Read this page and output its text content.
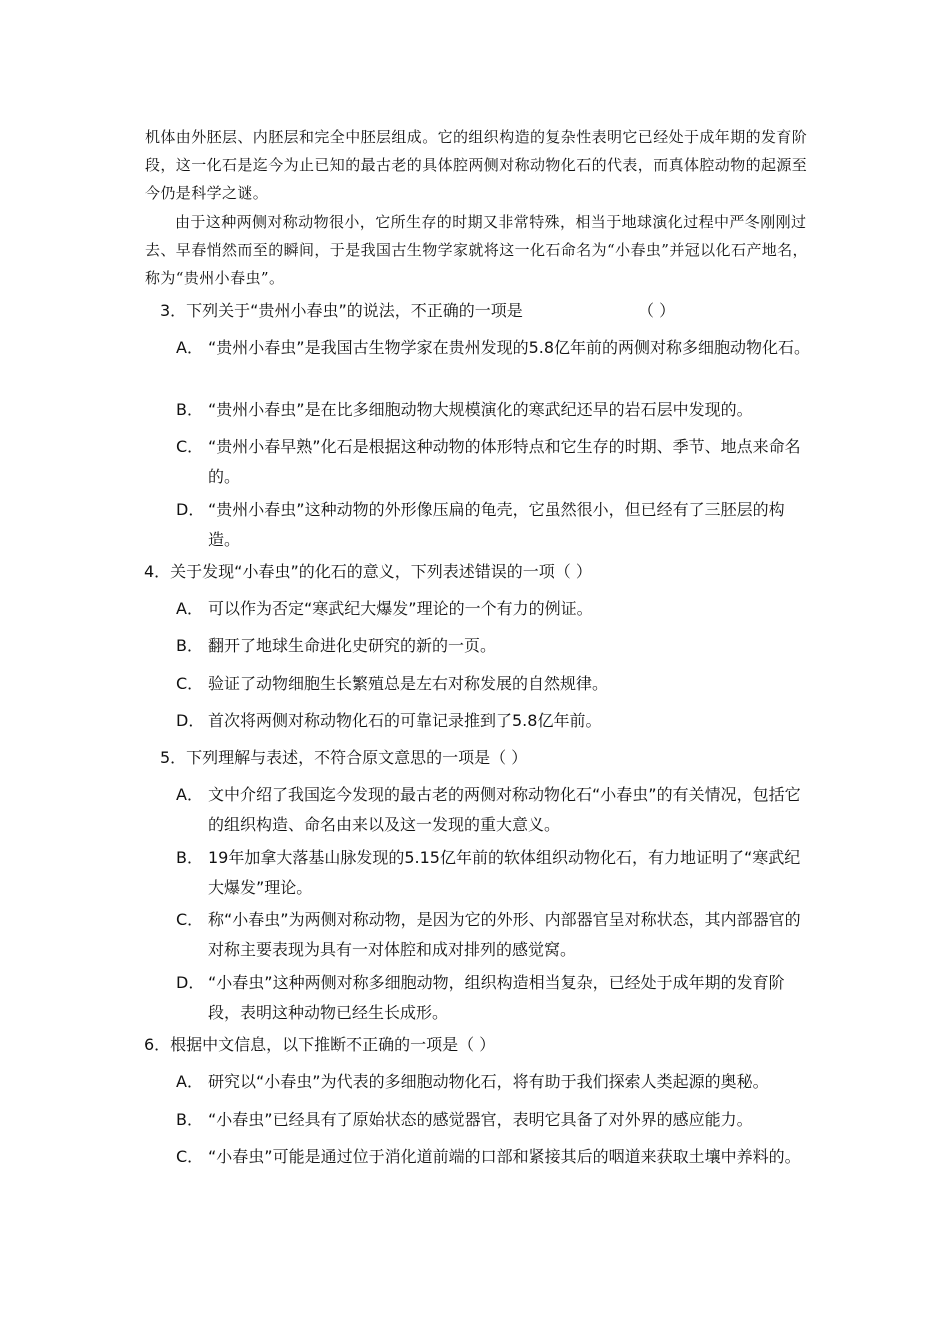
机体由外胚层、内胚层和完全中胚层组成。它的组织构造的复杂性表明它已经处于成年期的发育阶段，这一化石是迄今为止已知的最古老的具体腔两侧对称动物化石的代表，而真体腔动物的起源至今仍是科学之谜。

由于这种两侧对称动物很小，它所生存的时期又非常特殊，相当于地球演化过程中严冬刚刚过去、早春悄然而至的瞬间，于是我国古生物学家就将这一化石命名为“小春虫”并冠以化石产地名，称为“贵州小春虫”。

3．下列关于“贵州小春虫”的说法，不正确的一项是	（ ）
A． “贵州小春虫”是我国古生物学家在贵州发现的5.8亿年前的两侧对称多细胞动物化石。
B． “贵州小春虫”是在比多细胞动物大规模演化的寒武纪还早的岩石层中发现的。
C． “贵州小春早熟”化石是根据这种动物的体形特点和它生存的时期、季节、地点来命名的。
D． “贵州小春虫”这种动物的外形像压扁的龟壳，它虽然很小，但已经有了三胚层的构造。
4．关于发现“小春虫”的化石的意义，下列表述错误的一项（ ）
A． 可以作为否定“寒武纪大爆发”理论的一个有力的例证。
B． 翻开了地球生命进化史研究的新的一页。
C． 验证了动物细胞生长繁殖总是左右对称发展的自然规律。
D． 首次将两侧对称动物化石的可靠记录推到了5.8亿年前。
5．下列理解与表述，不符合原文意思的一项是（ ）
A． 文中介绍了我国迄今发现的最古老的两侧对称动物化石“小春虫”的有关情况，包括它的组织构造、命名由来以及这一发现的重大意义。
B． 19年加拿大落基山脉发现的5.15亿年前的软体组织动物化石，有力地证明了“寒武纪大爆发”理论。
C． 称“小春虫”为两侧对称动物，是因为它的外形、内部器官呈对称状态，其内部器官的对称主要表现为具有一对体腔和成对排列的感觉窝。
D． “小春虫”这种两侧对称多细胞动物，组织构造相当复杂，已经处于成年期的发育阶段，表明这种动物已经生长成形。
6．根据中文信息，以下推断不正确的一项是（ ）
A． 研究以“小春虫”为代表的多细胞动物化石，将有助于我们探索人类起源的奥秘。
B． “小春虫”已经具有了原始状态的感觉器官，表明它具备了对外界的感应能力。
C． “小春虫”可能是通过位于消化道前端的口部和紧接其后的咽道来获取土壤中养料的。
